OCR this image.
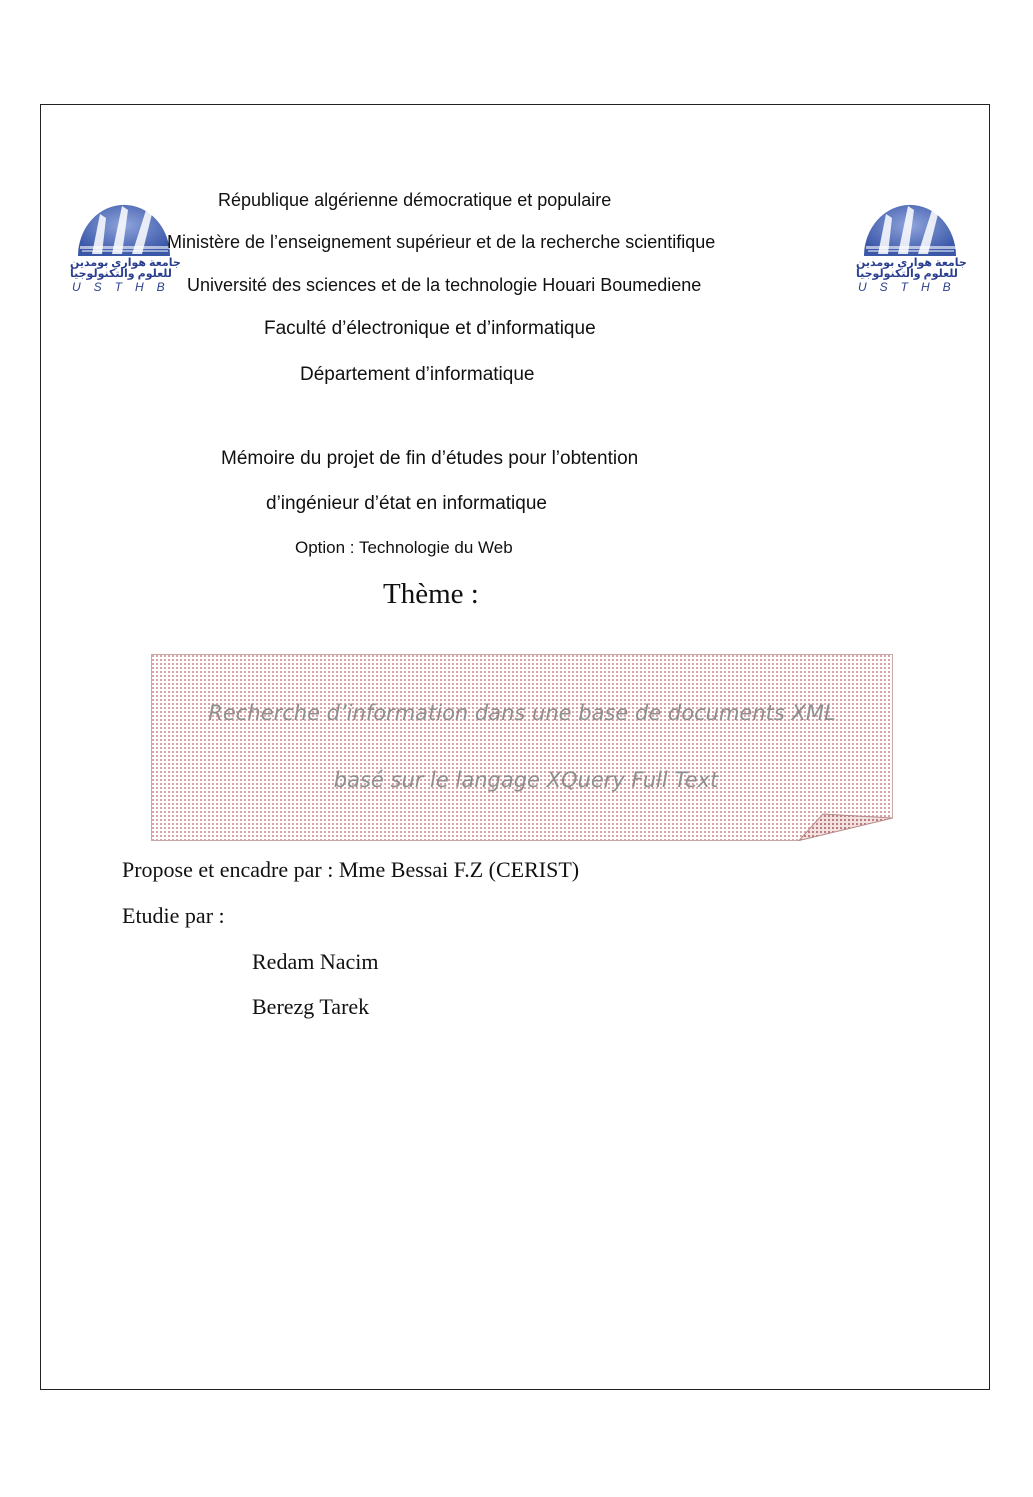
جامعة هواري بومدين
للعلوم والتكنولوجيا
USTHB
جامعة هواري بومدين
للعلوم والتكنولوجيا
USTHB
République algérienne démocratique et populaire
Ministère de l’enseignement supérieur et de la recherche scientifique
Université des sciences et de la technologie Houari Boumediene
Faculté d’électronique et d’informatique
Département d’informatique
Mémoire du projet de fin d’études pour l’obtention
d’ingénieur d’état en informatique
Option : Technologie du Web
Thème :
Recherche d’information dans une base de documents XML
basé sur le langage XQuery Full Text
Propose et encadre par : Mme Bessai F.Z (CERIST)
Etudie par :
Redam Nacim
Berezg Tarek
